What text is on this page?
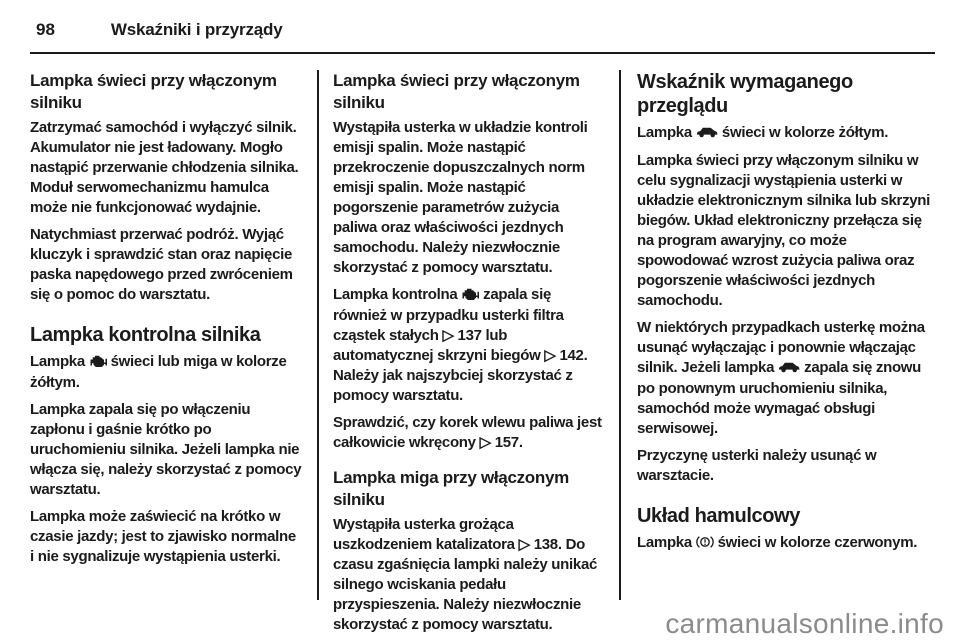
98	Wskaźniki i przyrządy
Lampka świeci przy włączonym silniku
Zatrzymać samochód i wyłączyć silnik. Akumulator nie jest ładowany. Mogło nastąpić przerwanie chłodzenia silnika. Moduł serwomechanizmu hamulca może nie funkcjonować wydajnie.
Natychmiast przerwać podróż. Wyjąć kluczyk i sprawdzić stan oraz napięcie paska napędowego przed zwróceniem się o pomoc do warsztatu.
Lampka kontrolna silnika
Lampka  świeci lub miga w kolorze żółtym.
Lampka zapala się po włączeniu zapłonu i gaśnie krótko po uruchomieniu silnika. Jeżeli lampka nie włącza się, należy skorzystać z pomocy warsztatu.
Lampka może zaświecić na krótko w czasie jazdy; jest to zjawisko normalne i nie sygnalizuje wystąpienia usterki.
Lampka świeci przy włączonym silniku
Wystąpiła usterka w układzie kontroli emisji spalin. Może nastąpić przekroczenie dopuszczalnych norm emisji spalin. Może nastąpić pogorszenie parametrów zużycia paliwa oraz właściwości jezdnych samochodu. Należy niezwłocznie skorzystać z pomocy warsztatu.
Lampka kontrolna  zapala się również w przypadku usterki filtra cząstek stałych ▷ 137 lub automatycznej skrzyni biegów ▷ 142. Należy jak najszybciej skorzystać z pomocy warsztatu.
Sprawdzić, czy korek wlewu paliwa jest całkowicie wkręcony ▷ 157.
Lampka miga przy włączonym silniku
Wystąpiła usterka grożąca uszkodzeniem katalizatora ▷ 138. Do czasu zgaśnięcia lampki należy unikać silnego wciskania pedału przyspieszenia. Należy niezwłocznie skorzystać z pomocy warsztatu.
Wskaźnik wymaganego przeglądu
Lampka  świeci w kolorze żółtym.
Lampka świeci przy włączonym silniku w celu sygnalizacji wystąpienia usterki w układzie elektronicznym silnika lub skrzyni biegów. Układ elektroniczny przełącza się na program awaryjny, co może spowodować wzrost zużycia paliwa oraz pogorszenie właściwości jezdnych samochodu.
W niektórych przypadkach usterkę można usunąć wyłączając i ponownie włączając silnik. Jeżeli lampka  zapala się znowu po ponownym uruchomieniu silnika, samochód może wymagać obsługi serwisowej.
Przyczynę usterki należy usunąć w warsztacie.
Układ hamulcowy
Lampka  świeci w kolorze czerwonym.
carmanualsonline.info
